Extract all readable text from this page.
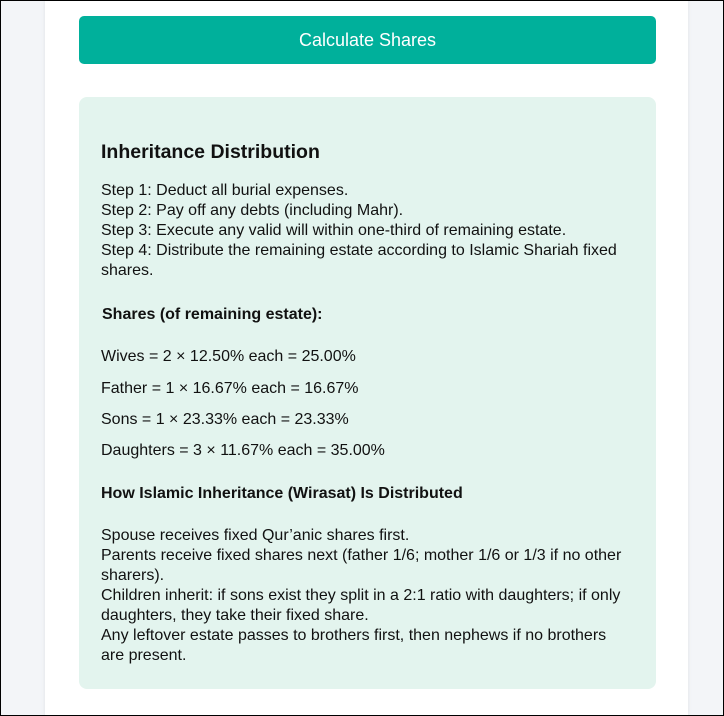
Calculate Shares
Inheritance Distribution
Step 1: Deduct all burial expenses.
Step 2: Pay off any debts (including Mahr).
Step 3: Execute any valid will within one-third of remaining estate.
Step 4: Distribute the remaining estate according to Islamic Shariah fixed shares.
Shares (of remaining estate):
Wives = 2 × 12.50% each = 25.00%
Father = 1 × 16.67% each = 16.67%
Sons = 1 × 23.33% each = 23.33%
Daughters = 3 × 11.67% each = 35.00%
How Islamic Inheritance (Wirasat) Is Distributed
Spouse receives fixed Qur’anic shares first.
Parents receive fixed shares next (father 1/6; mother 1/6 or 1/3 if no other sharers).
Children inherit: if sons exist they split in a 2:1 ratio with daughters; if only daughters, they take their fixed share.
Any leftover estate passes to brothers first, then nephews if no brothers are present.
